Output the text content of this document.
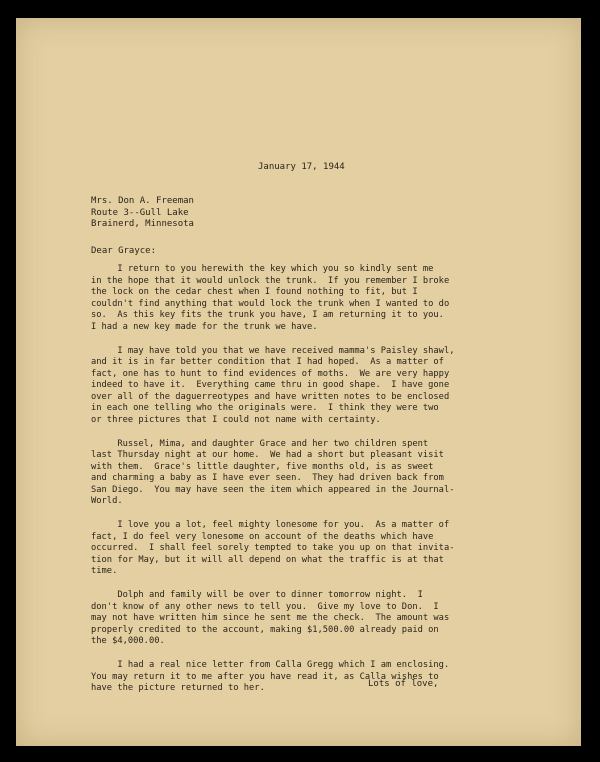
January 17, 1944
Mrs. Don A. Freeman
Route 3--Gull Lake
Brainerd, Minnesota
Dear Grayce:
I return to you herewith the key which you so kindly sent me
in the hope that it would unlock the trunk.  If you remember I broke
the lock on the cedar chest when I found nothing to fit, but I
couldn't find anything that would lock the trunk when I wanted to do
so.  As this key fits the trunk you have, I am returning it to you.
I had a new key made for the trunk we have.
I may have told you that we have received mamma's Paisley shawl,
and it is in far better condition that I had hoped.  As a matter of
fact, one has to hunt to find evidences of moths.  We are very happy
indeed to have it.  Everything came thru in good shape.  I have gone
over all of the daguerreotypes and have written notes to be enclosed
in each one telling who the originals were.  I think they were two
or three pictures that I could not name with certainty.
Russel, Mima, and daughter Grace and her two children spent
last Thursday night at our home.  We had a short but pleasant visit
with them.  Grace's little daughter, five months old, is as sweet
and charming a baby as I have ever seen.  They had driven back from
San Diego.  You may have seen the item which appeared in the Journal-
World.
I love you a lot, feel mighty lonesome for you.  As a matter of
fact, I do feel very lonesome on account of the deaths which have
occurred.  I shall feel sorely tempted to take you up on that invita-
tion for May, but it will all depend on what the traffic is at that
time.
Dolph and family will be over to dinner tomorrow night.  I
don't know of any other news to tell you.  Give my love to Don.  I
may not have written him since he sent me the check.  The amount was
properly credited to the account, making $1,500.00 already paid on
the $4,000.00.
I had a real nice letter from Calla Gregg which I am enclosing.
You may return it to me after you have read it, as Calla wishes to
have the picture returned to her.	Lots of love,
